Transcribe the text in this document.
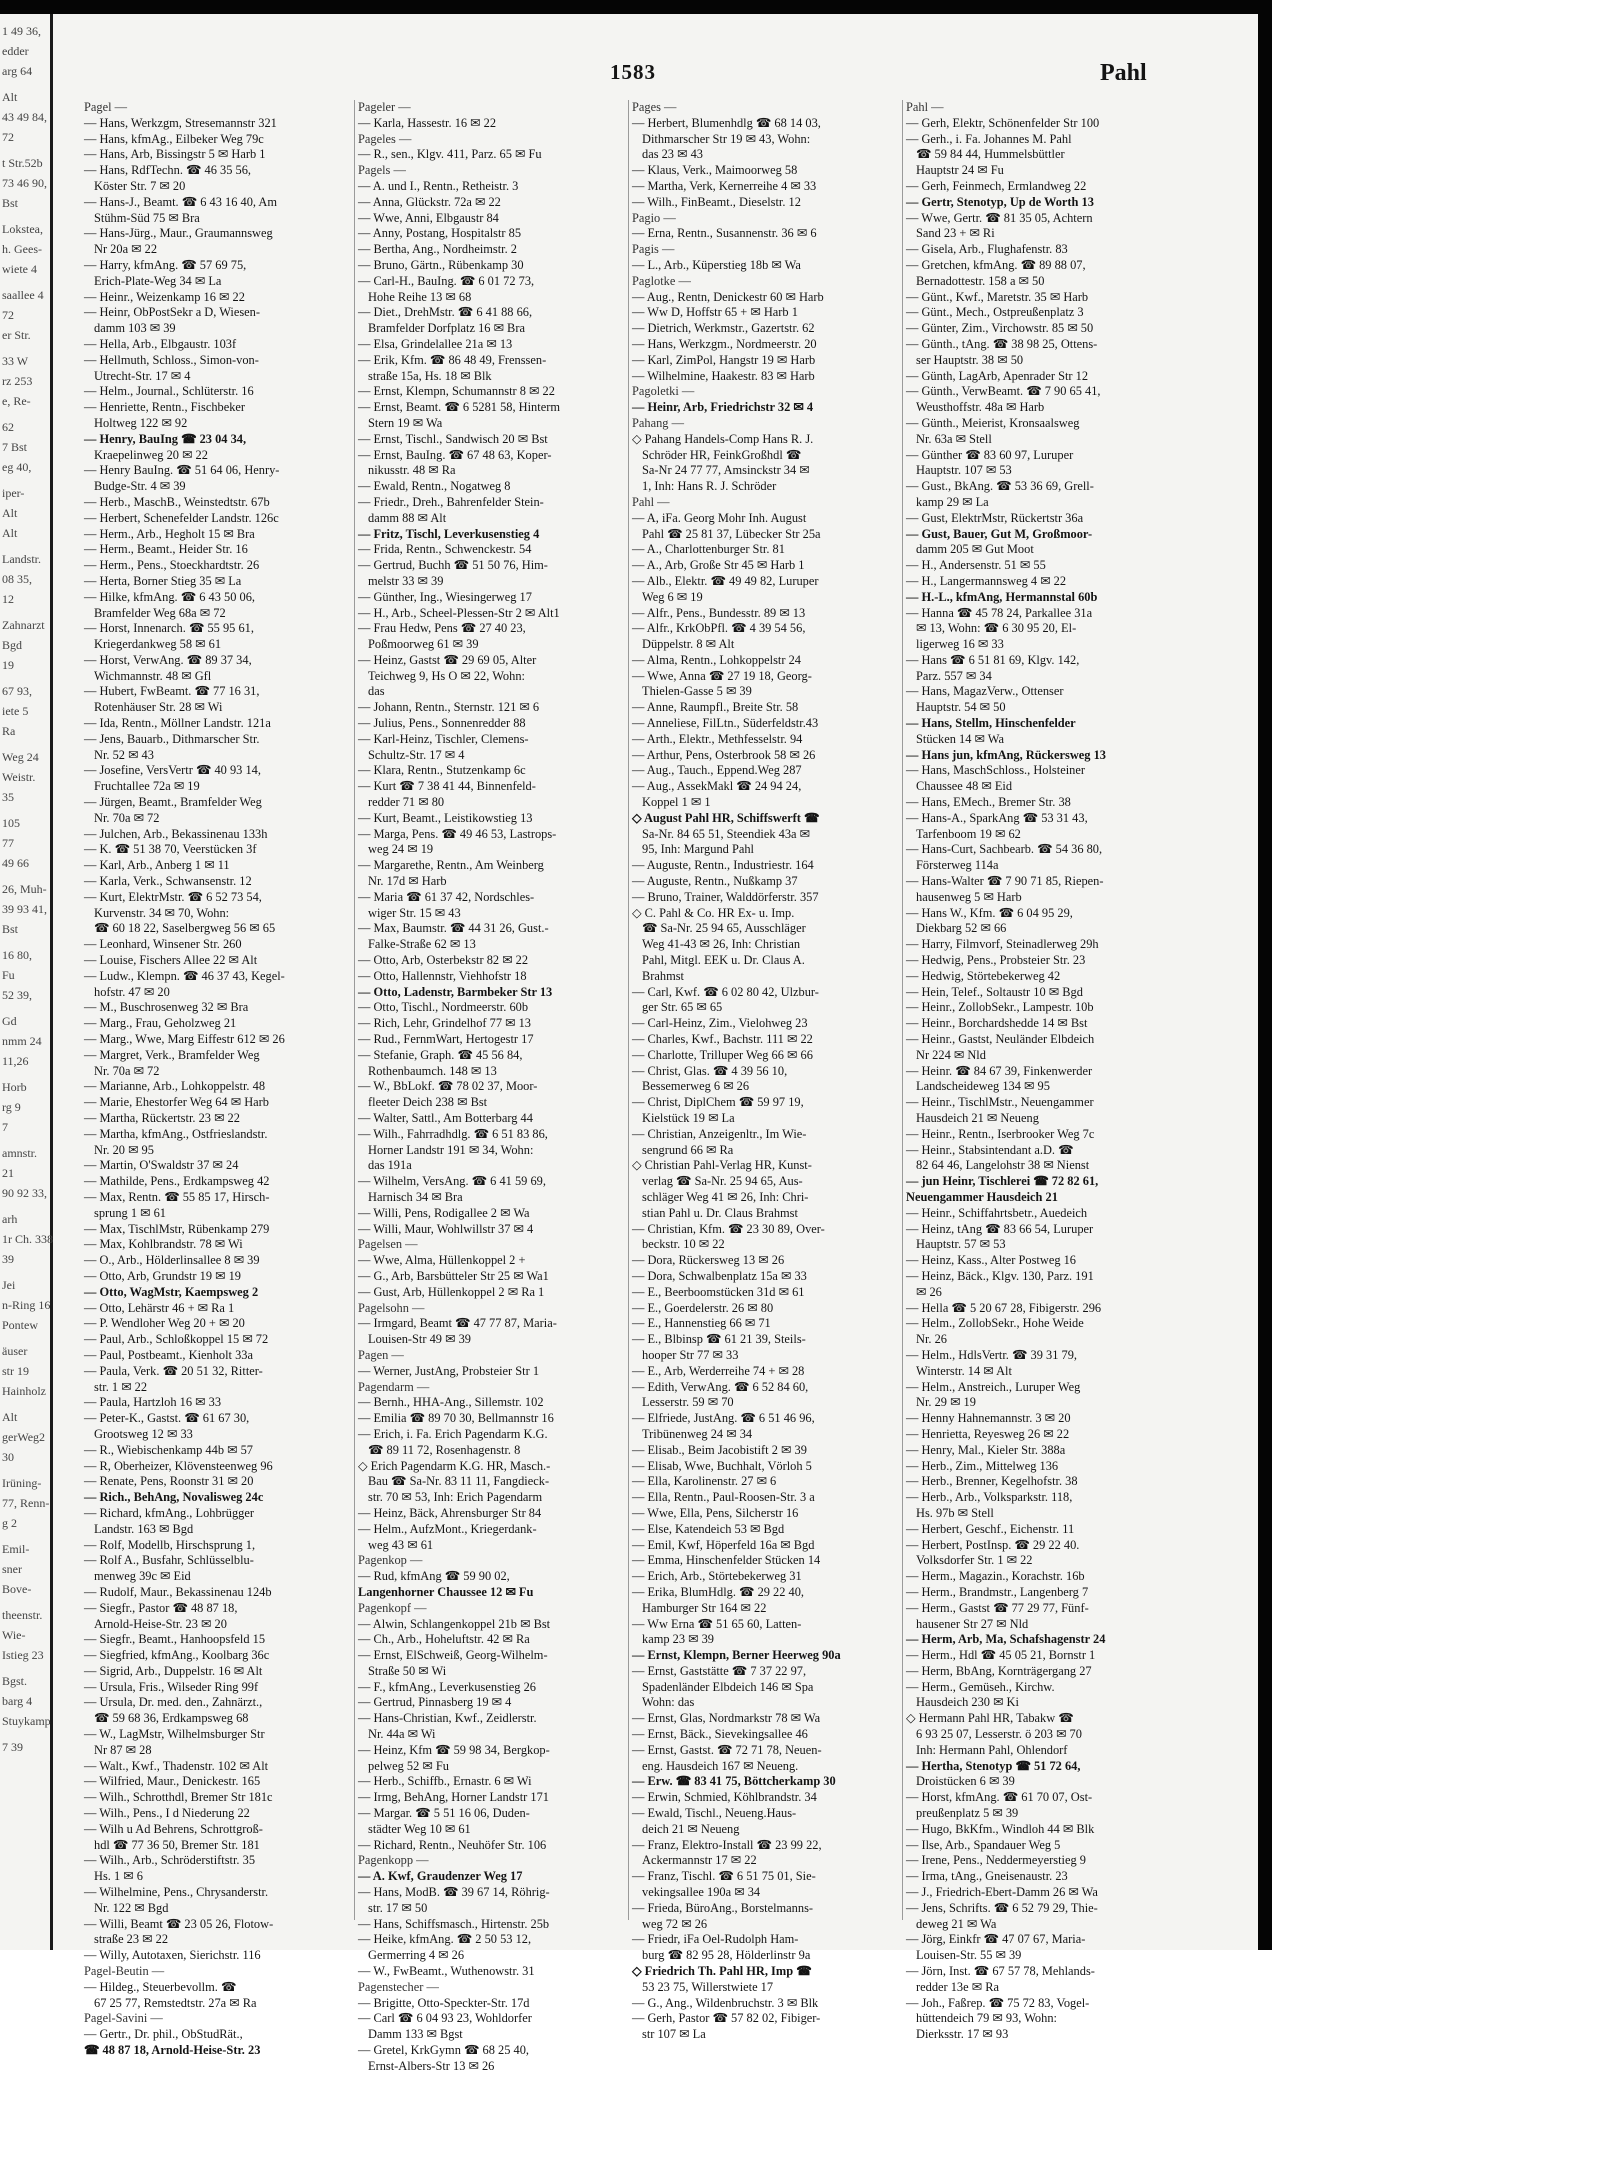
1 49 36,
edder
arg 64
Alt
43 49 84,
72
t Str.52b
73 46 90,
Bst
Lokstea,
h. Gees-
wiete 4
saallee 4
72
er Str.
33 W
rz 253
e, Re-
62
7 Bst
eg 40,
iper-
Alt
Alt
Landstr.
08 35,
12
Zahnarzt
Bgd
19
67 93,
iete 5
Ra
Weg 24
Weistr.
35
105
77
49 66
26, Muh-
39 93 41,
Bst
16 80,
Fu
52 39,
Gd
nmm 24
11,26
Horb
rg 9
7
amnstr.
21
90 92 33,
arh
1r Ch. 338
39
Jei
n-Ring 16
Pontew
äuser
str 19
Hainholz
Alt
gerWeg2
30
Irüning-
77, Renn-
g 2
Emil-
sner
Bove-
theenstr.
Wie-
Istieg 23
Bgst.
barg 4
Stuykamp
7 39
1583	Pahl
Pagel —
— Hans, Werkzgm, Stresemannstr 321
— Hans, kfmAg., Eilbeker Weg 79c
— Hans, Arb, Bissingstr 5 ✉ Harb 1
— Hans, RdfTechn. ☎ 46 35 56,
Köster Str. 7 ✉ 20
— Hans-J., Beamt. ☎ 6 43 16 40, Am
Stühm-Süd 75 ✉ Bra
— Hans-Jürg., Maur., Graumannsweg
Nr 20a ✉ 22
— Harry, kfmAng. ☎ 57 69 75,
Erich-Plate-Weg 34 ✉ La
— Heinr., Weizenkamp 16 ✉ 22
— Heinr, ObPostSekr a D, Wiesen-
damm 103 ✉ 39
— Hella, Arb., Elbgaustr. 103f
— Hellmuth, Schloss., Simon-von-
Utrecht-Str. 17 ✉ 4
— Helm., Journal., Schlüterstr. 16
— Henriette, Rentn., Fischbeker
Holtweg 122 ✉ 92
— Henry, BauIng ☎ 23 04 34,
Kraepelinweg 20 ✉ 22
— Henry BauIng. ☎ 51 64 06, Henry-
Budge-Str. 4 ✉ 39
— Herb., MaschB., Weinstedtstr. 67b
— Herbert, Schenefelder Landstr. 126c
— Herm., Arb., Hegholt 15 ✉ Bra
— Herm., Beamt., Heider Str. 16
— Herm., Pens., Stoeckhardtstr. 26
— Herta, Borner Stieg 35 ✉ La
— Hilke, kfmAng. ☎ 6 43 50 06,
Bramfelder Weg 68a ✉ 72
— Horst, Innenarch. ☎ 55 95 61,
Kriegerdankweg 58 ✉ 61
— Horst, VerwAng. ☎ 89 37 34,
Wichmannstr. 48 ✉ Gfl
— Hubert, FwBeamt. ☎ 77 16 31,
Rotenhäuser Str. 28 ✉ Wi
— Ida, Rentn., Möllner Landstr. 121a
— Jens, Bauarb., Dithmarscher Str.
Nr. 52 ✉ 43
— Josefine, VersVertr ☎ 40 93 14,
Fruchtallee 72a ✉ 19
— Jürgen, Beamt., Bramfelder Weg
Nr. 70a ✉ 72
— Julchen, Arb., Bekassinenau 133h
— K. ☎ 51 38 70, Veerstücken 3f
— Karl, Arb., Anberg 1 ✉ 11
— Karla, Verk., Schwansenstr. 12
— Kurt, ElektrMstr. ☎ 6 52 73 54,
Kurvenstr. 34 ✉ 70, Wohn:
☎ 60 18 22, Saselbergweg 56 ✉ 65
— Leonhard, Winsener Str. 260
— Louise, Fischers Allee 22 ✉ Alt
— Ludw., Klempn. ☎ 46 37 43, Kegel-
hofstr. 47 ✉ 20
— M., Buschrosenweg 32 ✉ Bra
— Marg., Frau, Geholzweg 21
— Marg., Wwe, Marg Eiffestr 612 ✉ 26
— Margret, Verk., Bramfelder Weg
Nr. 70a ✉ 72
— Marianne, Arb., Lohkoppelstr. 48
— Marie, Ehestorfer Weg 64 ✉ Harb
— Martha, Rückertstr. 23 ✉ 22
— Martha, kfmAng., Ostfrieslandstr.
Nr. 20 ✉ 95
— Martin, O'Swaldstr 37 ✉ 24
— Mathilde, Pens., Erdkampsweg 42
— Max, Rentn. ☎ 55 85 17, Hirsch-
sprung 1 ✉ 61
— Max, TischlMstr, Rübenkamp 279
— Max, Kohlbrandstr. 78 ✉ Wi
— O., Arb., Hölderlinsallee 8 ✉ 39
— Otto, Arb, Grundstr 19 ✉ 19
— Otto, WagMstr, Kaempsweg 2
— Otto, Lehärstr 46 + ✉ Ra 1
— P. Wendloher Weg 20 + ✉ 20
— Paul, Arb., Schloßkoppel 15 ✉ 72
— Paul, Postbeamt., Kienholt 33a
— Paula, Verk. ☎ 20 51 32, Ritter-
str. 1 ✉ 22
— Paula, Hartzloh 16 ✉ 33
— Peter-K., Gastst. ☎ 61 67 30,
Grootsweg 12 ✉ 33
— R., Wiebischenkamp 44b ✉ 57
— R, Oberheizer, Klövensteenweg 96
— Renate, Pens, Roonstr 31 ✉ 20
— Rich., BehAng, Novalisweg 24c
— Richard, kfmAng., Lohbrügger
Landstr. 163 ✉ Bgd
— Rolf, Modellb, Hirschsprung 1,
— Rolf A., Busfahr, Schlüsselblu-
menweg 39c ✉ Eid
— Rudolf, Maur., Bekassinenau 124b
— Siegfr., Pastor ☎ 48 87 18,
Arnold-Heise-Str. 23 ✉ 20
— Siegfr., Beamt., Hanhoopsfeld 15
— Siegfried, kfmAng., Koolbarg 36c
— Sigrid, Arb., Duppelstr. 16 ✉ Alt
— Ursula, Fris., Wilseder Ring 99f
— Ursula, Dr. med. den., Zahnärzt.,
☎ 59 68 36, Erdkampsweg 68
— W., LagMstr, Wilhelmsburger Str
Nr 87 ✉ 28
— Walt., Kwf., Thadenstr. 102 ✉ Alt
— Wilfried, Maur., Denickestr. 165
— Wilh., Schrotthdl, Bremer Str 181c
— Wilh., Pens., I d Niederung 22
— Wilh u Ad Behrens, Schrottgroß-
hdl ☎ 77 36 50, Bremer Str. 181
— Wilh., Arb., Schröderstiftstr. 35
Hs. 1 ✉ 6
— Wilhelmine, Pens., Chrysanderstr.
Nr. 122 ✉ Bgd
— Willi, Beamt ☎ 23 05 26, Flotow-
straße 23 ✉ 22
— Willy, Autotaxen, Sierichstr. 116
Pagel-Beutin —
— Hildeg., Steuerbevollm. ☎
67 25 77, Remstedtstr. 27a ✉ Ra
Pagel-Savini —
— Gertr., Dr. phil., ObStudRät.,
☎ 48 87 18, Arnold-Heise-Str. 23
Pageler —
— Karla, Hassestr. 16 ✉ 22
Pageles —
— R., sen., Klgv. 411, Parz. 65 ✉ Fu
Pagels —
— A. und I., Rentn., Retheistr. 3
— Anna, Glückstr. 72a ✉ 22
— Wwe, Anni, Elbgaustr 84
— Anny, Postang, Hospitalstr 85
— Bertha, Ang., Nordheimstr. 2
— Bruno, Gärtn., Rübenkamp 30
— Carl-H., BauIng. ☎ 6 01 72 73,
Hohe Reihe 13 ✉ 68
— Diet., DrehMstr. ☎ 6 41 88 66,
Bramfelder Dorfplatz 16 ✉ Bra
— Elsa, Grindelallee 21a ✉ 13
— Erik, Kfm. ☎ 86 48 49, Frenssen-
straße 15a, Hs. 18 ✉ Blk
— Ernst, Klempn, Schumannstr 8 ✉ 22
— Ernst, Beamt. ☎ 6 5281 58, Hinterm
Stern 19 ✉ Wa
— Ernst, Tischl., Sandwisch 20 ✉ Bst
— Ernst, BauIng. ☎ 67 48 63, Koper-
nikusstr. 48 ✉ Ra
— Ewald, Rentn., Nogatweg 8
— Friedr., Dreh., Bahrenfelder Stein-
damm 88 ✉ Alt
— Fritz, Tischl, Leverkusenstieg 4
— Frida, Rentn., Schwenckestr. 54
— Gertrud, Buchh ☎ 51 50 76, Him-
melstr 33 ✉ 39
— Günther, Ing., Wiesingerweg 17
— H., Arb., Scheel-Plessen-Str 2 ✉ Alt1
— Frau Hedw, Pens ☎ 27 40 23,
Poßmoorweg 61 ✉ 39
— Heinz, Gastst ☎ 29 69 05, Alter
Teichweg 9, Hs O ✉ 22, Wohn:
das
— Johann, Rentn., Sternstr. 121 ✉ 6
— Julius, Pens., Sonnenredder 88
— Karl-Heinz, Tischler, Clemens-
Schultz-Str. 17 ✉ 4
— Klara, Rentn., Stutzenkamp 6c
— Kurt ☎ 7 38 41 44, Binnenfeld-
redder 71 ✉ 80
— Kurt, Beamt., Leistikowstieg 13
— Marga, Pens. ☎ 49 46 53, Lastrops-
weg 24 ✉ 19
— Margarethe, Rentn., Am Weinberg
Nr. 17d ✉ Harb
— Maria ☎ 61 37 42, Nordschles-
wiger Str. 15 ✉ 43
— Max, Baumstr. ☎ 44 31 26, Gust.-
Falke-Straße 62 ✉ 13
— Otto, Arb, Osterbekstr 82 ✉ 22
— Otto, Hallennstr, Viehhofstr 18
— Otto, Ladenstr, Barmbeker Str 13
— Otto, Tischl., Nordmeerstr. 60b
— Rich, Lehr, Grindelhof 77 ✉ 13
— Rud., FernmWart, Hertogestr 17
— Stefanie, Graph. ☎ 45 56 84,
Rothenbaumch. 148 ✉ 13
— W., BbLokf. ☎ 78 02 37, Moor-
fleeter Deich 238 ✉ Bst
— Walter, Sattl., Am Botterbarg 44
— Wilh., Fahrradhdlg. ☎ 6 51 83 86,
Horner Landstr 191 ✉ 34, Wohn:
das 191a
— Wilhelm, VersAng. ☎ 6 41 59 69,
Harnisch 34 ✉ Bra
— Willi, Pens, Rodigallee 2 ✉ Wa
— Willi, Maur, Wohlwillstr 37 ✉ 4
Pagelsen —
— Wwe, Alma, Hüllenkoppel 2 +
— G., Arb, Barsbütteler Str 25 ✉ Wa1
— Gust, Arb, Hüllenkoppel 2 ✉ Ra 1
Pagelsohn —
— Irmgard, Beamt ☎ 47 77 87, Maria-
Louisen-Str 49 ✉ 39
Pagen —
— Werner, JustAng, Probsteier Str 1
Pagendarm —
— Bernh., HHA-Ang., Sillemstr. 102
— Emilia ☎ 89 70 30, Bellmannstr 16
— Erich, i. Fa. Erich Pagendarm K.G.
☎ 89 11 72, Rosenhagenstr. 8
◇ Erich Pagendarm K.G. HR, Masch.-
Bau ☎ Sa-Nr. 83 11 11, Fangdieck-
str. 70 ✉ 53, Inh: Erich Pagendarm
— Heinz, Bäck, Ahrensburger Str 84
— Helm., AufzMont., Kriegerdank-
weg 43 ✉ 61
Pagenkop —
— Rud, kfmAng ☎ 59 90 02,
Langenhorner Chaussee 12 ✉ Fu
Pagenkopf —
— Alwin, Schlangenkoppel 21b ✉ Bst
— Ch., Arb., Hoheluftstr. 42 ✉ Ra
— Ernst, ElSchweiß, Georg-Wilhelm-
Straße 50 ✉ Wi
— F., kfmAng., Leverkusenstieg 26
— Gertrud, Pinnasberg 19 ✉ 4
— Hans-Christian, Kwf., Zeidlerstr.
Nr. 44a ✉ Wi
— Heinz, Kfm ☎ 59 98 34, Bergkop-
pelweg 52 ✉ Fu
— Herb., Schiffb., Ernastr. 6 ✉ Wi
— Irmg, BehAng, Horner Landstr 171
— Margar. ☎ 5 51 16 06, Duden-
städter Weg 10 ✉ 61
— Richard, Rentn., Neuhöfer Str. 106
Pagenkopp —
— A. Kwf, Graudenzer Weg 17
— Hans, ModB. ☎ 39 67 14, Röhrig-
str. 17 ✉ 50
— Hans, Schiffsmasch., Hirtenstr. 25b
— Heike, kfmAng. ☎ 2 50 53 12,
Germerring 4 ✉ 26
— W., FwBeamt., Wuthenowstr. 31
Pagenstecher —
— Brigitte, Otto-Speckter-Str. 17d
— Carl ☎ 6 04 93 23, Wohldorfer
Damm 133 ✉ Bgst
— Gretel, KrkGymn ☎ 68 25 40,
Ernst-Albers-Str 13 ✉ 26
Pages —
— Herbert, Blumenhdlg ☎ 68 14 03,
Dithmarscher Str 19 ✉ 43, Wohn:
das 23 ✉ 43
— Klaus, Verk., Maimoorweg 58
— Martha, Verk, Kernerreihe 4 ✉ 33
— Wilh., FinBeamt., Dieselstr. 12
Pagio —
— Erna, Rentn., Susannenstr. 36 ✉ 6
Pagis —
— L., Arb., Küperstieg 18b ✉ Wa
Paglotke —
— Aug., Rentn, Denickestr 60 ✉ Harb
— Ww D, Hoffstr 65 + ✉ Harb 1
— Dietrich, Werkmstr., Gazertstr. 62
— Hans, Werkzgm., Nordmeerstr. 20
— Karl, ZimPol, Hangstr 19 ✉ Harb
— Wilhelmine, Haakestr. 83 ✉ Harb
Pagoletki —
— Heinr, Arb, Friedrichstr 32 ✉ 4
Pahang —
◇ Pahang Handels-Comp Hans R. J.
Schröder HR, FeinkGroßhdl ☎
Sa-Nr 24 77 77, Amsinckstr 34 ✉
1, Inh: Hans R. J. Schröder
Pahl —
— A, iFa. Georg Mohr Inh. August
Pahl ☎ 25 81 37, Lübecker Str 25a
— A., Charlottenburger Str. 81
— A., Arb, Große Str 45 ✉ Harb 1
— Alb., Elektr. ☎ 49 49 82, Luruper
Weg 6 ✉ 19
— Alfr., Pens., Bundesstr. 89 ✉ 13
— Alfr., KrkObPfl. ☎ 4 39 54 56,
Düppelstr. 8 ✉ Alt
— Alma, Rentn., Lohkoppelstr 24
— Wwe, Anna ☎ 27 19 18, Georg-
Thielen-Gasse 5 ✉ 39
— Anne, Raumpfl., Breite Str. 58
— Anneliese, FilLtn., Süderfeldstr.43
— Arth., Elektr., Methfesselstr. 94
— Arthur, Pens, Osterbrook 58 ✉ 26
— Aug., Tauch., Eppend.Weg 287
— Aug., AssekMakl ☎ 24 94 24,
Koppel 1 ✉ 1
◇ August Pahl HR, Schiffswerft ☎
Sa-Nr. 84 65 51, Steendiek 43a ✉
95, Inh: Margund Pahl
— Auguste, Rentn., Industriestr. 164
— Auguste, Rentn., Nußkamp 37
— Bruno, Trainer, Walddörferstr. 357
◇ C. Pahl & Co. HR Ex- u. Imp.
☎ Sa-Nr. 25 94 65, Ausschläger
Weg 41-43 ✉ 26, Inh: Christian
Pahl, Mitgl. EEK u. Dr. Claus A.
Brahmst
— Carl, Kwf. ☎ 6 02 80 42, Ulzbur-
ger Str. 65 ✉ 65
— Carl-Heinz, Zim., Vielohweg 23
— Charles, Kwf., Bachstr. 111 ✉ 22
— Charlotte, Trilluper Weg 66 ✉ 66
— Christ, Glas. ☎ 4 39 56 10,
Bessemerweg 6 ✉ 26
— Christ, DiplChem ☎ 59 97 19,
Kielstück 19 ✉ La
— Christian, Anzeigenltr., Im Wie-
sengrund 66 ✉ Ra
◇ Christian Pahl-Verlag HR, Kunst-
verlag ☎ Sa-Nr. 25 94 65, Aus-
schläger Weg 41 ✉ 26, Inh: Chri-
stian Pahl u. Dr. Claus Brahmst
— Christian, Kfm. ☎ 23 30 89, Over-
beckstr. 10 ✉ 22
— Dora, Rückersweg 13 ✉ 26
— Dora, Schwalbenplatz 15a ✉ 33
— E., Beerboomstücken 31d ✉ 61
— E., Goerdelerstr. 26 ✉ 80
— E., Hannenstieg 66 ✉ 71
— E., Blbinsp ☎ 61 21 39, Steils-
hooper Str 77 ✉ 33
— E., Arb, Werderreihe 74 + ✉ 28
— Edith, VerwAng. ☎ 6 52 84 60,
Lesserstr. 59 ✉ 70
— Elfriede, JustAng. ☎ 6 51 46 96,
Tribünenweg 24 ✉ 34
— Elisab., Beim Jacobistift 2 ✉ 39
— Elisab, Wwe, Buchhalt, Vörloh 5
— Ella, Karolinenstr. 27 ✉ 6
— Ella, Rentn., Paul-Roosen-Str. 3 a
— Wwe, Ella, Pens, Silcherstr 16
— Else, Katendeich 53 ✉ Bgd
— Emil, Kwf, Höperfeld 16a ✉ Bgd
— Emma, Hinschenfelder Stücken 14
— Erich, Arb., Störtebekerweg 31
— Erika, BlumHdlg. ☎ 29 22 40,
Hamburger Str 164 ✉ 22
— Ww Erna ☎ 51 65 60, Latten-
kamp 23 ✉ 39
— Ernst, Klempn, Berner Heerweg 90a
— Ernst, Gaststätte ☎ 7 37 22 97,
Spadenländer Elbdeich 146 ✉ Spa
Wohn: das
— Ernst, Glas, Nordmarkstr 78 ✉ Wa
— Ernst, Bäck., Sievekingsallee 46
— Ernst, Gastst. ☎ 72 71 78, Neuen-
eng. Hausdeich 167 ✉ Neueng.
— Erw. ☎ 83 41 75, Böttcherkamp 30
— Erwin, Schmied, Köhlbrandstr. 34
— Ewald, Tischl., Neueng.Haus-
deich 21 ✉ Neueng
— Franz, Elektro-Install ☎ 23 99 22,
Ackermannstr 17 ✉ 22
— Franz, Tischl. ☎ 6 51 75 01, Sie-
vekingsallee 190a ✉ 34
— Frieda, BüroAng., Borstelmanns-
weg 72 ✉ 26
— Friedr, iFa Oel-Rudolph Ham-
burg ☎ 82 95 28, Hölderlinstr 9a
◇ Friedrich Th. Pahl HR, Imp ☎
53 23 75, Willerstwiete 17
— G., Ang., Wildenbruchstr. 3 ✉ Blk
— Gerh, Pastor ☎ 57 82 02, Fibiger-
str 107 ✉ La
Pahl —
— Gerh, Elektr, Schönenfelder Str 100
— Gerh., i. Fa. Johannes M. Pahl
☎ 59 84 44, Hummelsbüttler
Hauptstr 24 ✉ Fu
— Gerh, Feinmech, Ermlandweg 22
— Gertr, Stenotyp, Up de Worth 13
— Wwe, Gertr. ☎ 81 35 05, Achtern
Sand 23 + ✉ Ri
— Gisela, Arb., Flughafenstr. 83
— Gretchen, kfmAng. ☎ 89 88 07,
Bernadottestr. 158 a ✉ 50
— Günt., Kwf., Maretstr. 35 ✉ Harb
— Günt., Mech., Ostpreußenplatz 3
— Günter, Zim., Virchowstr. 85 ✉ 50
— Günth., tAng. ☎ 38 98 25, Ottens-
ser Hauptstr. 38 ✉ 50
— Günth, LagArb, Apenrader Str 12
— Günth., VerwBeamt. ☎ 7 90 65 41,
Weusthoffstr. 48a ✉ Harb
— Günth., Meierist, Kronsaalsweg
Nr. 63a ✉ Stell
— Günther ☎ 83 60 97, Luruper
Hauptstr. 107 ✉ 53
— Gust., BkAng. ☎ 53 36 69, Grell-
kamp 29 ✉ La
— Gust, ElektrMstr, Rückertstr 36a
— Gust, Bauer, Gut M, Großmoor-
damm 205 ✉ Gut Moot
— H., Andersenstr. 51 ✉ 55
— H., Langermannsweg 4 ✉ 22
— H.-L., kfmAng, Hermannstal 60b
— Hanna ☎ 45 78 24, Parkallee 31a
✉ 13, Wohn: ☎ 6 30 95 20, El-
ligerweg 16 ✉ 33
— Hans ☎ 6 51 81 69, Klgv. 142,
Parz. 557 ✉ 34
— Hans, MagazVerw., Ottenser
Hauptstr. 54 ✉ 50
— Hans, Stellm, Hinschenfelder
Stücken 14 ✉ Wa
— Hans jun, kfmAng, Rückersweg 13
— Hans, MaschSchloss., Holsteiner
Chaussee 48 ✉ Eid
— Hans, EMech., Bremer Str. 38
— Hans-A., SparkAng ☎ 53 31 43,
Tarfenboom 19 ✉ 62
— Hans-Curt, Sachbearb. ☎ 54 36 80,
Försterweg 114a
— Hans-Walter ☎ 7 90 71 85, Riepen-
hausenweg 5 ✉ Harb
— Hans W., Kfm. ☎ 6 04 95 29,
Diekbarg 52 ✉ 66
— Harry, Filmvorf, Steinadlerweg 29h
— Hedwig, Pens., Probsteier Str. 23
— Hedwig, Störtebekerweg 42
— Hein, Telef., Soltaustr 10 ✉ Bgd
— Heinr., ZollobSekr., Lampestr. 10b
— Heinr., Borchardshedde 14 ✉ Bst
— Heinr., Gastst, Neuländer Elbdeich
Nr 224 ✉ Nld
— Heinr. ☎ 84 67 39, Finkenwerder
Landscheideweg 134 ✉ 95
— Heinr., TischlMstr., Neuengammer
Hausdeich 21 ✉ Neueng
— Heinr., Rentn., Iserbrooker Weg 7c
— Heinr., Stabsintendant a.D. ☎
82 64 46, Langelohstr 38 ✉ Nienst
— jun Heinr, Tischlerei ☎ 72 82 61,
Neuengammer Hausdeich 21
— Heinr., Schiffahrtsbetr., Auedeich
— Heinz, tAng ☎ 83 66 54, Luruper
Hauptstr. 57 ✉ 53
— Heinz, Kass., Alter Postweg 16
— Heinz, Bäck., Klgv. 130, Parz. 191
✉ 26
— Hella ☎ 5 20 67 28, Fibigerstr. 296
— Helm., ZollobSekr., Hohe Weide
Nr. 26
— Helm., HdlsVertr. ☎ 39 31 79,
Winterstr. 14 ✉ Alt
— Helm., Anstreich., Luruper Weg
Nr. 29 ✉ 19
— Henny Hahnemannstr. 3 ✉ 20
— Henrietta, Reyesweg 26 ✉ 22
— Henry, Mal., Kieler Str. 388a
— Herb., Zim., Mittelweg 136
— Herb., Brenner, Kegelhofstr. 38
— Herb., Arb., Volksparkstr. 118,
Hs. 97b ✉ Stell
— Herbert, Geschf., Eichenstr. 11
— Herbert, PostInsp. ☎ 29 22 40.
Volksdorfer Str. 1 ✉ 22
— Herm., Magazin., Korachstr. 16b
— Herm., Brandmstr., Langenberg 7
— Herm., Gastst ☎ 77 29 77, Fünf-
hausener Str 27 ✉ Nld
— Herm, Arb, Ma, Schafshagenstr 24
— Herm., Hdl ☎ 45 05 21, Bornstr 1
— Herm, BbAng, Kornträgergang 27
— Herm., Gemüseh., Kirchw.
Hausdeich 230 ✉ Ki
◇ Hermann Pahl HR, Tabakw ☎
6 93 25 07, Lesserstr. ö 203 ✉ 70
Inh: Hermann Pahl, Ohlendorf
— Hertha, Stenotyp ☎ 51 72 64,
Droistücken 6 ✉ 39
— Horst, kfmAng. ☎ 61 70 07, Ost-
preußenplatz 5 ✉ 39
— Hugo, BkKfm., Windloh 44 ✉ Blk
— Ilse, Arb., Spandauer Weg 5
— Irene, Pens., Neddermeyerstieg 9
— Irma, tAng., Gneisenaustr. 23
— J., Friedrich-Ebert-Damm 26 ✉ Wa
— Jens, Schrifts. ☎ 6 52 79 29, Thie-
deweg 21 ✉ Wa
— Jörg, Einkfr ☎ 47 07 67, Maria-
Louisen-Str. 55 ✉ 39
— Jörn, Inst. ☎ 67 57 78, Mehlands-
redder 13e ✉ Ra
— Joh., Faßrep. ☎ 75 72 83, Vogel-
hüttendeich 79 ✉ 93, Wohn:
Dierksstr. 17 ✉ 93
